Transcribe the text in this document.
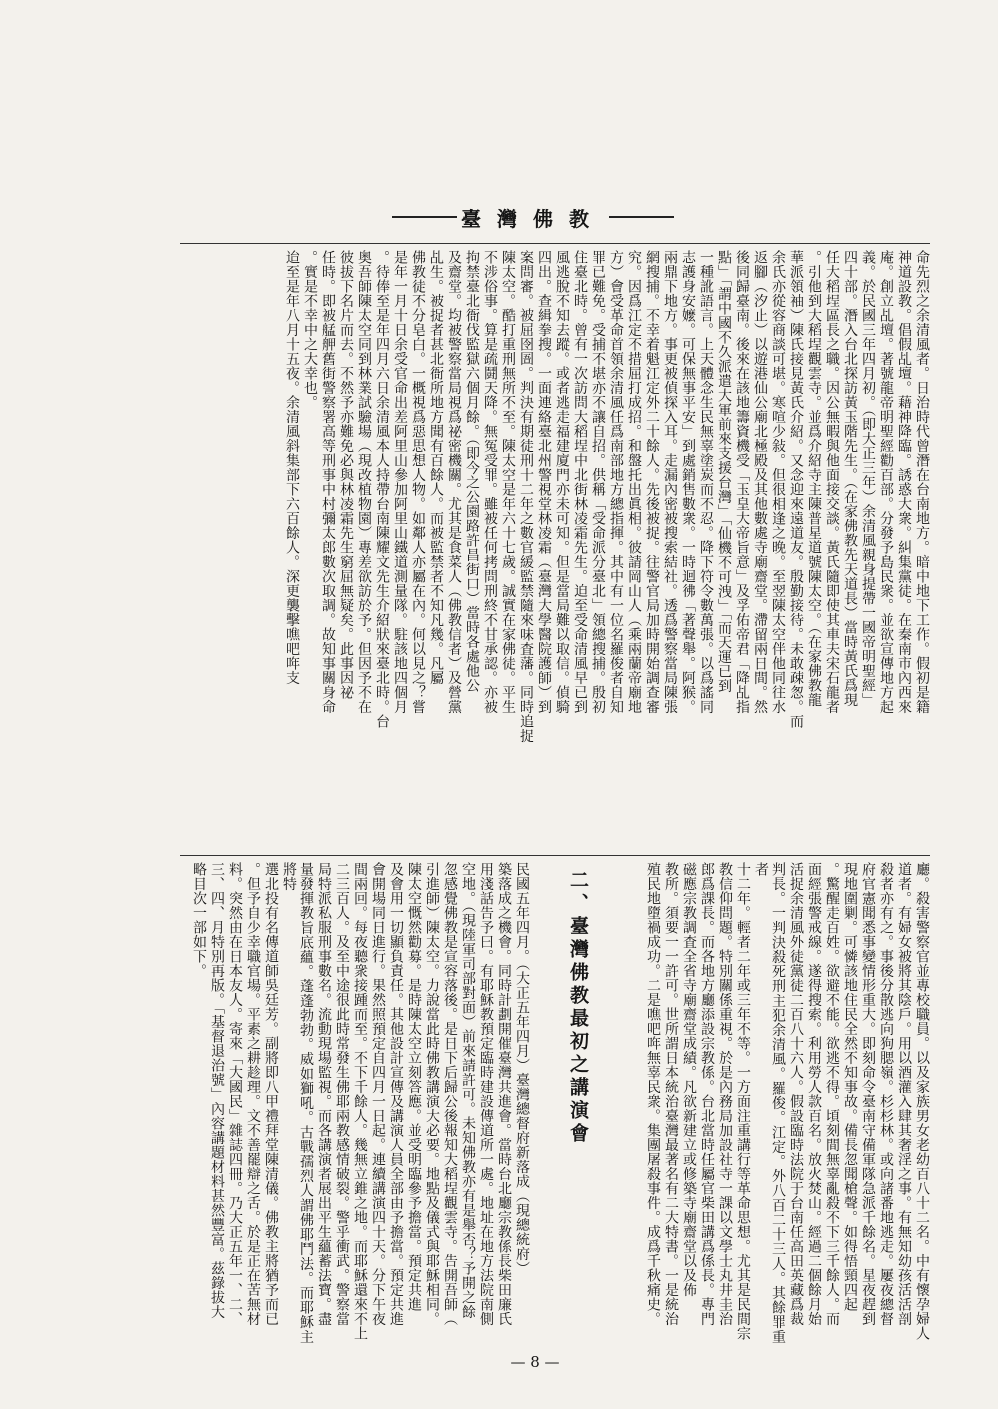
臺灣佛教
命先烈之余清風者。日治時代曾潛在台南地方。暗中地下工作。假初是籍
神道設教。倡假乩壇。藉神降臨。誘惑大衆。糾集黨徒。在秦南市內西來
庵。創立乩壇。著號龍帝明聖經勸百部。分發予島民衆。並欲宣傳地方起
義。於民國三年四月初。（即大正三年）余清風親身提帶一國帝明聖經」
四十部。潛入台北探訪黃玉階先生。（在家佛教先天道長）當時黃氏爲現
任大稻埕區長之職。因公無暇與他面接交談。黃氏隨即使其車夫宋石龍者
。引他到大稻埕觀雲寺。並爲介紹寺主陳普星道號陳太空。（在家佛教龍
華派領袖）陳氏接見黃氏介紹。又念迎來遠道友。殷勤接待。未敢疎怱。而
余氏亦從容商談可堪。寒喧少敍。但很相逢之晚。至翌陳太空伴他同往水
返腳（汐止）以遊港仙公廟北極殿及其他數處寺廟齋堂。滯留兩日間。然
後同歸臺南。後來在該地籌資機受「玉皇大帝旨意」及孚佑帝君「降乩指
點」「謂中國不久派遣大軍前來支援台灣」「仙機不可洩」「而天運已到
一種訛語言。上天體念生民無辜塗炭而不忍。降下符令數萬張。以爲謠同
志護身安嬤。可保無事平安」到處銷售數衆。一時迴彿「著聲舉。阿猴。
兩鼎下地方。事更被偵探入耳。走漏內密被搜索結社。透爲警察當局陳張
網搜捕。不幸着魁江定外二十餘人。先後被捉。往警官局加時開始調查審
究。因爲江定不措屈打成招。和盤托出眞相。彼請岡山人（乘兩蘭帝廟地
方）會受革命首領余清風任爲南部地方總指揮。其中有一位名羅俊者自知
罪已難免。受捕不堪亦不讓自招。供稱「受命派分臺北」領總搜捕。殷初
住臺北時。曾有一次訪問大稻埕中北街林凌霜先生。迫至受命清風早已到
風逃脫不知去蹤。或者逃走福建廈門亦未可知。但是當局難以取信。偵騎
四出。查緝拳搜。一面連絡臺北州警視堂林凌霜（臺灣大學醫院護師）到
案問審。被屈囹圄。判決有期徒刑十二年之數官緩監禁隨來味査藩。同時追捉
陳太空。酷打重刑無所不至。陳太空是年六十七歲。誠實在家佛徒。平生
不涉俗事。算是疏鬪天降。無冤受罪。雖被任何拷問刑終不甘承認。亦被
拘禁臺北衙伐監獄六個月餘。（即今之公園路許昌街口）當時各處他公
及齋堂。均被警察當局視爲祕密機關。尤其是食菜人（佛教信者）及營黨
乩生。被捉者甚北衙所地方聞有百餘人。而被監禁者不知凡幾。凡屬
佛教徒不分皂白。一概視爲惡思想人物。如鄰人亦屬在內。何以見之？嘗
是年一月十日余受官命出差阿里山參加阿里山鐵道測量隊。駐該地四個月
。待俸至是年四月六日余清風本人持帶台南陳耀文先生介紹狀來臺北時。台
奥吾師陳太空同到林業試驗場（現改植物園）專差欲訪於予。但因予不在
彼拔下名片而去。不然予亦難免必與林凌霜先生窮屈無疑矣。此事因祕
任時。即被艋舺舊街警察署高等刑事中村彌太郎數次取調。故知事關身命
。實是不幸中之大幸也。
迨至是年八月十五夜。余清風斜集部下六百餘人。深更襲擊噍吧哖支
廳。殺害警察官並專校職員。以及家族男女老幼百八十二名。中有懷孕婦人
道者。有婦女被將其陰戶。用以酒灌入肆其奢淫之事。有無知幼孩活活剖
殺者亦有之。事後分散逃向狗腮嶺。杉杉林。或向諸番地逃走。屢夜總督
府官憲聞悉事變情形重大。即刻命令臺南守備軍隊急派千餘名。星夜趕到
現地圍剿。可憐該地住民全然不知事故。備長忽聞槍聲。如得悟頸四起
。驚醒走百姓。欲避不能。欲逃不得。頃刻間無辜亂殺不下三千餘人。而
面經張警戒線。遂得搜索。利用勞人款百名。放火焚山。經過二個餘月始
活捉余清風外徒黨徒二百八十六人。假設臨時法院于台南任高田英藏爲裁
判長。一判決殺死刑主犯余清風。羅俊。江定。外八百二十三人。其餘罪重者
十二年。輕者二年或三年不等。一方面注重講行等革命思想。尤其是民間宗
教信仰問題。特別關係重視。於是內務局加設社寺一課以文學士丸井圭治
郎爲課長。而各地方廳添設宗教係。台北當時任屬官柴田講爲係長。專門
磁應宗教調査全省寺廟齋堂成績。凡欲新建立或修築寺廟齋堂以及佈
教所。須要一一許可。世所謂日本統治臺灣最著名有二大特書。一是統治
殖民地墮禍成功。二是噍吧哖無辜民衆。集團屠殺事件。成爲千秋痛史。
二、臺灣佛教最初之講演會
民國五年四月。（大正五年四月）臺灣總督府新落成（現總統府）
築落成之機會。同時計劃開催臺灣共進會。當時台北廳宗教係長柴田廉氏
用淺話告予曰。有耶穌教預定臨時建設傳道所一處。地址在地方法院南側
空地。（現陸軍司部對面）前來請許可。未知佛教亦有是舉否？予開之餘
忽感覺佛教是宣容落後。是日下后歸公後報知大稻埕觀雲寺。告開吾師（
引進師）陳太空。力說當此時佛教講演大必要。地點及儀式與耶穌相同。
陳太空慨然勸募。是時陳太空立刻答應。並受明臨參予擔當。預定共進
及會用一切顯負責任。其他設計宣傳及講演人員全部由予擔當。預定共進
會開場同日進行。果然照預定自四月一日起。連續講演四十天。分下午夜
間兩回。每夜聽衆接踵而至。不下千餘人。幾無立錐之地。而耶穌還來不上
二三百人。及至中途很此時常發生佛耶兩教感情破裂。警乎衝武。警察當
局特派私服刑事數名。流動現場監視。而各講演者展出平生蘊蓄法寶。盡
量發揮教旨底蘊。蓬蓬勃勃。威如獅吼。古戰孺烈人謂佛耶鬥法。而耶穌主將特
選北投有名傳道師吳廷芳。副將即八甲禮拜堂陳清儀。佛教主將猶予而已
。但予自少幸職官場。平素之耕趁理。文不善罷辯之舌。於是正在苦無材
料。突然由在日本友人。寄來「大國民」雜誌四冊。乃大正五年一、二、
三、四、月特別再版。「基督退治號」內容講題材料甚然豐富。茲錄拔大
略目次一部如下。
— 8 —
